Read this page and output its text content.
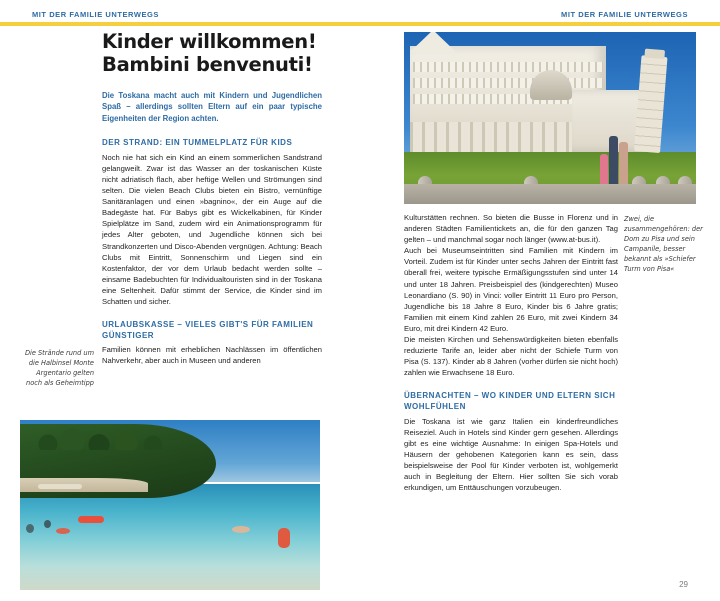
MIT DER FAMILIE UNTERWEGS	MIT DER FAMILIE UNTERWEGS
Kinder willkommen!
Bambini benvenuti!
Die Toskana macht auch mit Kindern und Jugendlichen Spaß – allerdings sollten Eltern auf ein paar typische Eigenheiten der Region achten.
DER STRAND: EIN TUMMELPLATZ FÜR KIDS

Noch nie hat sich ein Kind an einem sommerlichen Sandstrand gelangweilt. Zwar ist das Wasser an der toskanischen Küste nicht adriatisch flach, aber heftige Wellen und Strömungen sind selten. Die vielen Beach Clubs bieten ein Bistro, vernünftige Sanitäranlagen und einen »bagnino«, der ein Auge auf die Badegäste hat. Für Babys gibt es Wickelkabinen, für Kinder Spielplätze im Sand, zudem wird ein Animationsprogramm für jedes Alter geboten, und Jugendliche können sich bei Strandkonzerten und Disco-Abenden vergnügen. Achtung: Beach Clubs mit Eintritt, Sonnenschirm und Liegen sind ein Kostenfaktor, der vor dem Urlaub bedacht werden sollte – einsame Badebuchten für Individualtouristen sind in der Toskana eine Seltenheit. Dafür stimmt der Service, die Kinder sind im Schatten und sicher.

URLAUBSKASSE – VIELES GIBT'S FÜR FAMILIEN GÜNSTIGER

Familien können mit erheblichen Nachlässen im öffentlichen Nahverkehr, aber auch in Museen und anderen

Kulturstätten rechnen. So bieten die Busse in Florenz und in anderen Städten Familientickets an, die für den ganzen Tag gelten – und manchmal sogar noch länger (www.at-bus.it).

Auch bei Museumseintritten sind Familien mit Kindern im Vorteil. Zudem ist für Kinder unter sechs Jahren der Eintritt fast überall frei, weitere typische Ermäßigungsstufen sind unter 14 und unter 18 Jahren. Preisbeispiel des (kindgerechten) Museo Leonardiano (S. 90) in Vinci: voller Eintritt 11 Euro pro Person, Jugendliche bis 18 Jahre 8 Euro, Kinder bis 6 Jahre gratis; Familien mit einem Kind zahlen 26 Euro, mit zwei Kindern 34 Euro, mit drei Kindern 42 Euro.

Die meisten Kirchen und Sehenswürdigkeiten bieten ebenfalls reduzierte Tarife an, leider aber nicht der Schiefe Turm von Pisa (S. 137). Kinder ab 8 Jahren (vorher dürfen sie nicht hoch) zahlen wie Erwachsene 18 Euro.

ÜBERNACHTEN – WO KINDER UND ELTERN SICH WOHLFÜHLEN

Die Toskana ist wie ganz Italien ein kinderfreundliches Reiseziel. Auch in Hotels sind Kinder gern gesehen. Allerdings gibt es eine wichtige Ausnahme: In einigen Spa-Hotels und Häusern der gehobenen Kategorien kann es sein, dass beispielsweise der Pool für Kinder verboten ist, wohlgemerkt auch in Begleitung der Eltern. Hier sollten Sie sich vorab erkundigen, um Enttäuschungen vorzubeugen.

Zwei, die zusammengehören: der Dom zu Pisa und sein Campanile, besser bekannt als »Schiefer Turm von Pisa«
Die Strände rund um die Halbinsel Monte Argentario gelten noch als Geheimtipp
29
